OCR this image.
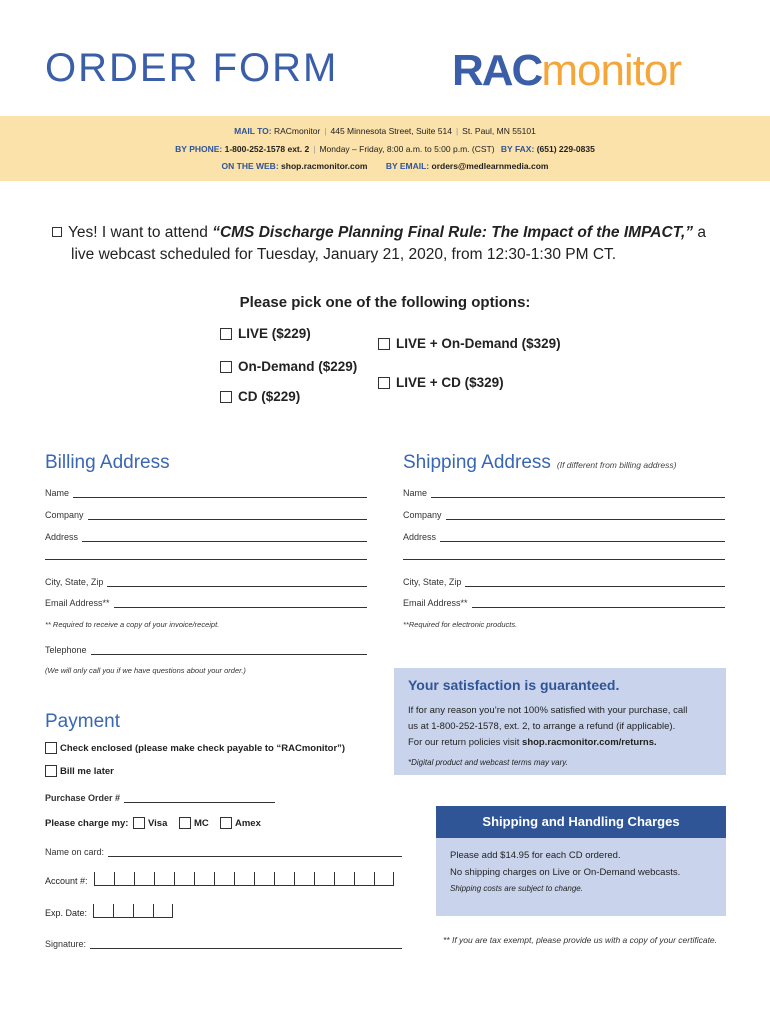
ORDER FORM	RAC monitor
MAIL TO: RACmonitor | 445 Minnesota Street, Suite 514 | St. Paul, MN 55101
BY PHONE: 1-800-252-1578 ext. 2 | Monday – Friday, 8:00 a.m. to 5:00 p.m. (CST) BY FAX: (651) 229-0835
ON THE WEB: shop.racmonitor.com BY EMAIL: orders@medlearnmedia.com
Yes! I want to attend “CMS Discharge Planning Final Rule: The Impact of the IMPACT,” a
live webcast scheduled for Tuesday, January 21, 2020, from 12:30-1:30 PM CT.
Please pick one of the following options:
LIVE ($229)
On-Demand ($229)
CD ($229)
LIVE + On-Demand ($329)
LIVE + CD ($329)
Billing Address
Name
Company
Address
City, State, Zip
Email Address**
** Required to receive a copy of your invoice/receipt.
Telephone
(We will only call you if we have questions about your order.)
Shipping Address (If different from billing address)
Name
Company
Address
City, State, Zip
Email Address**
**Required for electronic products.
Your satisfaction is guaranteed.

If for any reason you’re not 100% satisfied with your purchase, call

us at 1-800-252-1578, ext. 2, to arrange a refund (if applicable).

For our return policies visit shop.racmonitor.com/returns.

*Digital product and webcast terms may vary.

Payment
Check enclosed (please make check payable to “RACmonitor”)
Bill me later
Purchase Order #
Please charge my: Visa	MC	Amex
Name on card:
Account #:
Exp. Date:
Signature:
Shipping and Handling Charges

Please add $14.95 for each CD ordered.

No shipping charges on Live or On-Demand webcasts.

Shipping costs are subject to change.

** If you are tax exempt, please provide us with a copy of your certificate.
